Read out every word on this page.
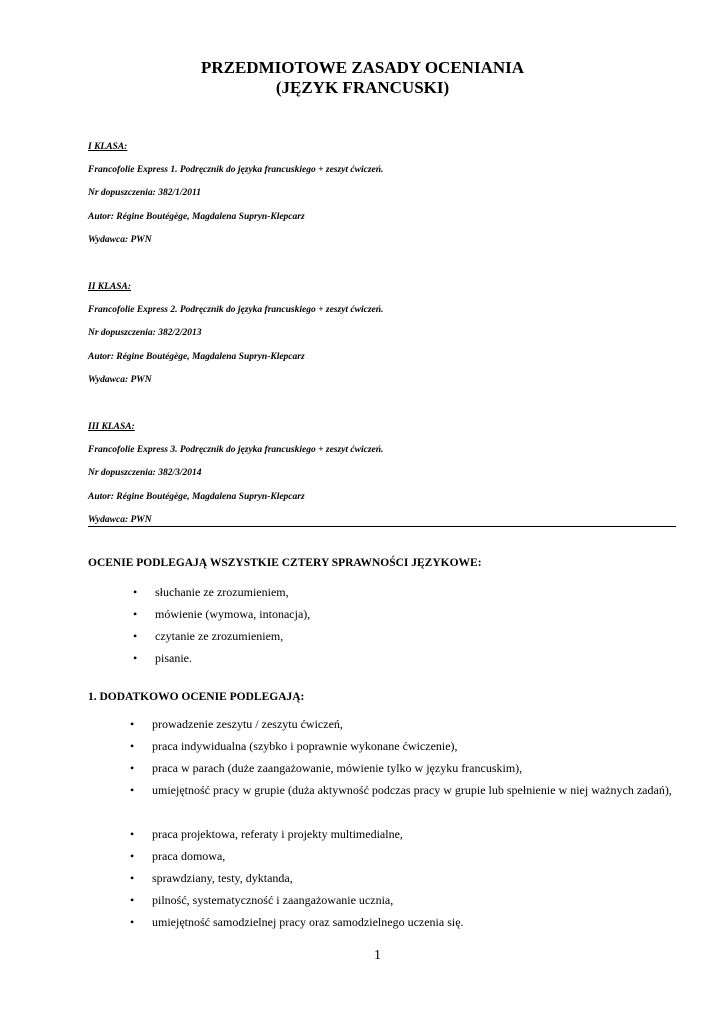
PRZEDMIOTOWE ZASADY OCENIANIA
(JĘZYK FRANCUSKI)
I KLASA:
Francofolie Express 1. Podręcznik do języka francuskiego + zeszyt ćwiczeń.
Nr dopuszczenia: 382/1/2011
Autor: Régine Boutégège, Magdalena Supryn-Klepcarz
Wydawca: PWN
II KLASA:
Francofolie Express 2. Podręcznik do języka francuskiego + zeszyt ćwiczeń.
Nr dopuszczenia: 382/2/2013
Autor: Régine Boutégège, Magdalena Supryn-Klepcarz
Wydawca: PWN
III KLASA:
Francofolie Express 3. Podręcznik do języka francuskiego + zeszyt ćwiczeń.
Nr dopuszczenia: 382/3/2014
Autor: Régine Boutégège, Magdalena Supryn-Klepcarz
Wydawca: PWN
OCENIE PODLEGAJĄ WSZYSTKIE CZTERY SPRAWNOŚCI JĘZYKOWE:
• słuchanie ze zrozumieniem,
• mówienie (wymowa, intonacja),
• czytanie ze zrozumieniem,
• pisanie.
1. DODATKOWO OCENIE PODLEGAJĄ:
•	prowadzenie zeszytu / zeszytu ćwiczeń,
•	praca indywidualna (szybko i poprawnie wykonane ćwiczenie),
•	praca w parach (duże zaangażowanie, mówienie tylko w języku francuskim),
•	umiejętność pracy w grupie (duża aktywność podczas pracy w grupie lub spełnienie w niej ważnych zadań),
•	praca projektowa, referaty i projekty multimedialne,
•	praca domowa,
•	sprawdziany, testy, dyktanda,
•	pilność, systematyczność i zaangażowanie ucznia,
•	umiejętność samodzielnej pracy oraz samodzielnego uczenia się.
1
